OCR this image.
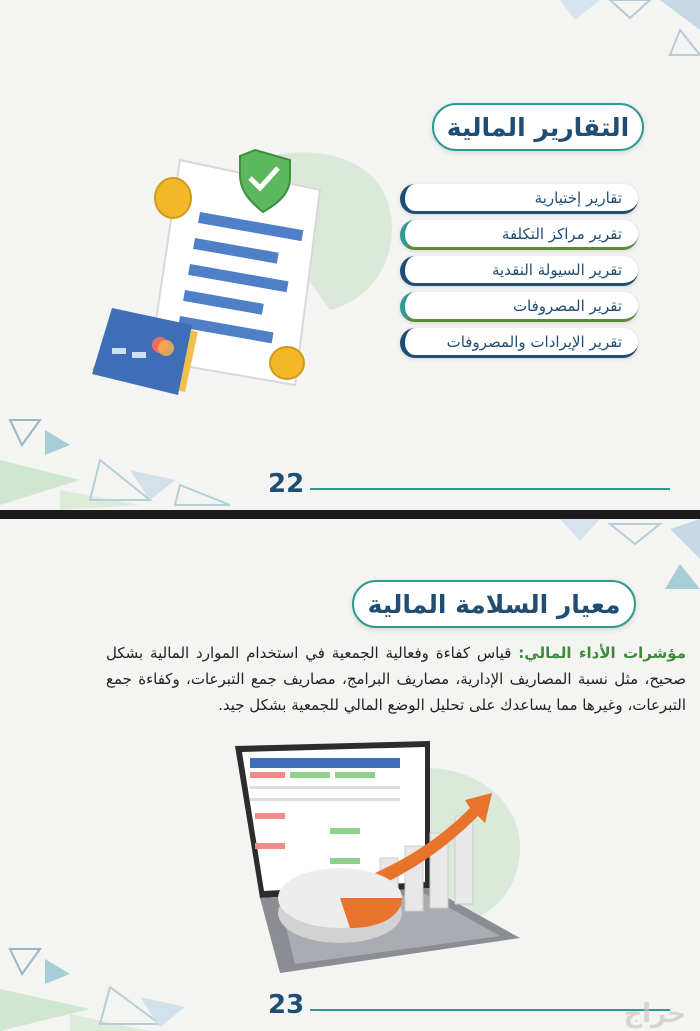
التقارير المالية
تقارير إختيارية
تقرير مراكز التكلفة
تقرير السيولة النقدية
تقرير المصروفات
تقرير الإيرادات والمصروفات
22
معيار السلامة المالية
مؤشرات الأداء المالي: قياس كفاءة وفعالية الجمعية في استخدام الموارد المالية بشكل صحيح، مثل نسبة المصاريف الإدارية، مصاريف البرامج، مصاريف جمع التبرعات، وكفاءة جمع التبرعات، وغيرها مما يساعدك على تحليل الوضع المالي للجمعية بشكل جيد.
23	حراج
